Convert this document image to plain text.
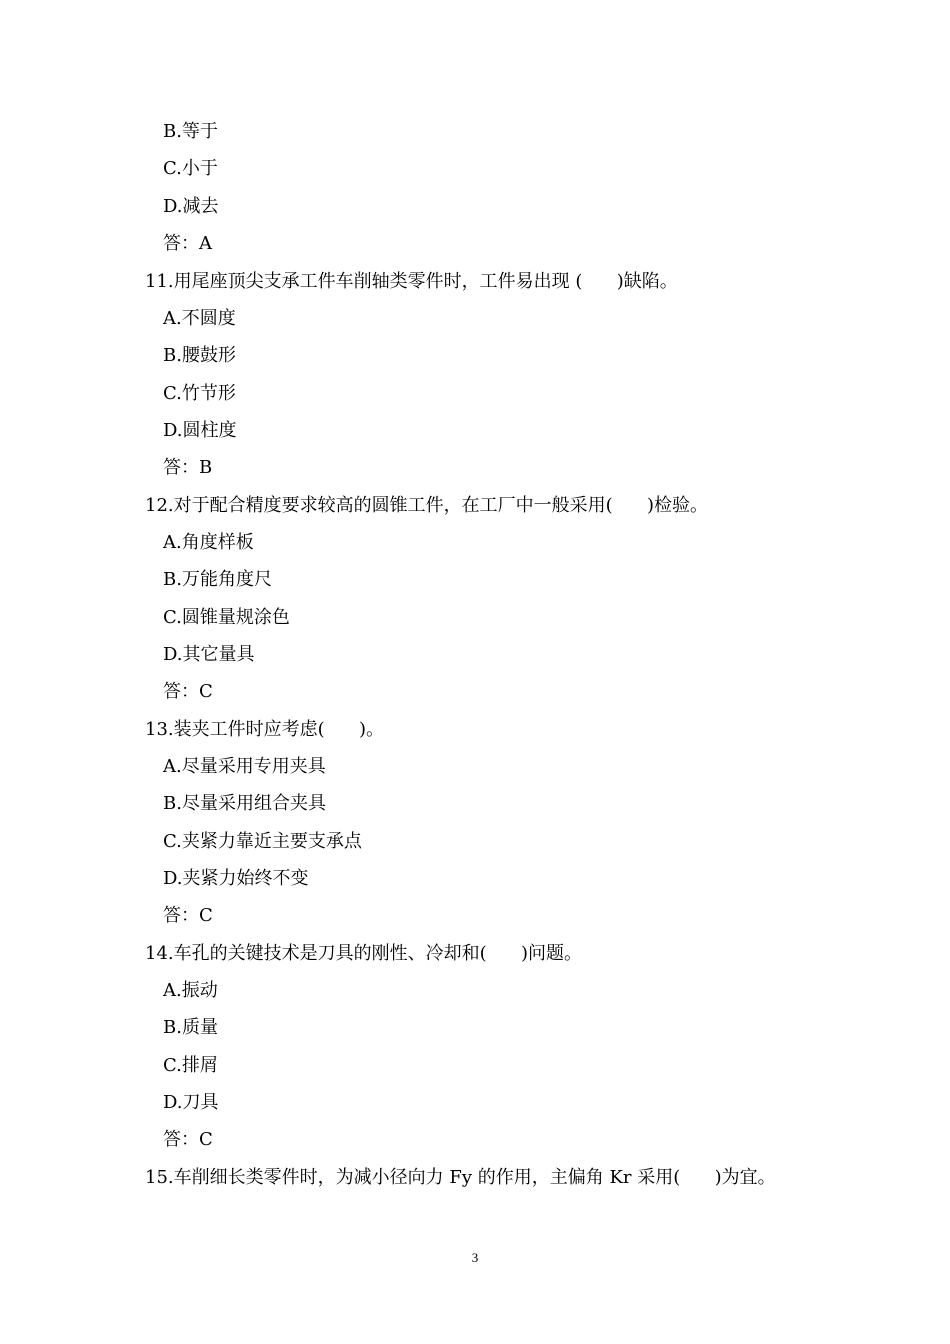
B.等于
C.小于
D.减去
答：A
11.用尾座顶尖支承工件车削轴类零件时，工件易出现 (      )缺陷。
A.不圆度
B.腰鼓形
C.竹节形
D.圆柱度
答：B
12.对于配合精度要求较高的圆锥工件，在工厂中一般采用(      )检验。
A.角度样板
B.万能角度尺
C.圆锥量规涂色
D.其它量具
答：C
13.装夹工件时应考虑(      )。
A.尽量采用专用夹具
B.尽量采用组合夹具
C.夹紧力靠近主要支承点
D.夹紧力始终不变
答：C
14.车孔的关键技术是刀具的刚性、冷却和(      )问题。
A.振动
B.质量
C.排屑
D.刀具
答：C
15.车削细长类零件时，为减小径向力 Fy 的作用，主偏角 Kr 采用(      )为宜。
3
